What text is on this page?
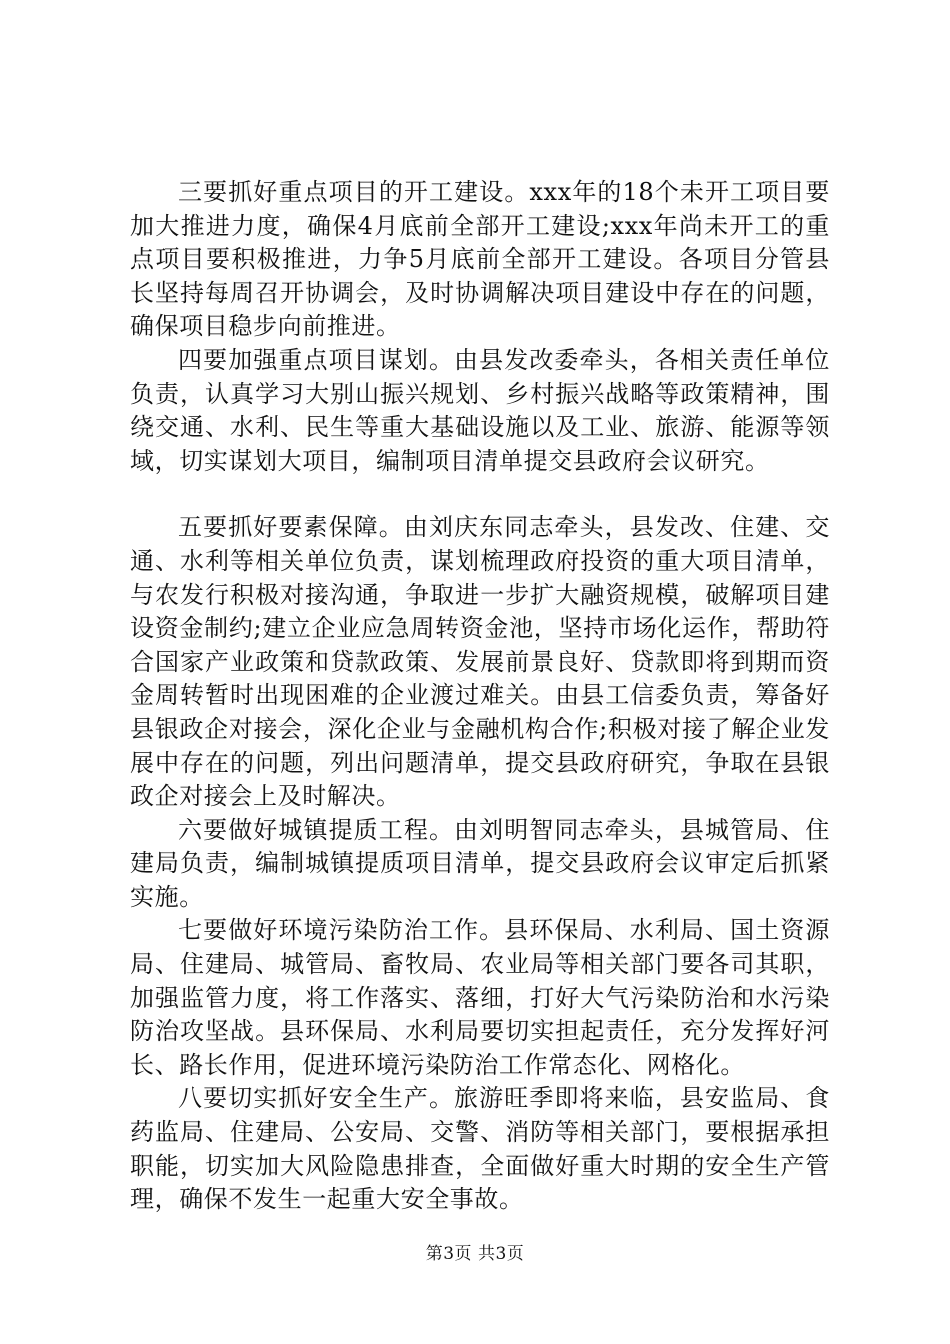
三要抓好重点项目的开工建设。xxx年的18个未开工项目要加大推进力度，确保4月底前全部开工建设;xxx年尚未开工的重点项目要积极推进，力争5月底前全部开工建设。各项目分管县长坚持每周召开协调会，及时协调解决项目建设中存在的问题，确保项目稳步向前推进。

四要加强重点项目谋划。由县发改委牵头，各相关责任单位负责，认真学习大别山振兴规划、乡村振兴战略等政策精神，围绕交通、水利、民生等重大基础设施以及工业、旅游、能源等领域，切实谋划大项目，编制项目清单提交县政府会议研究。

五要抓好要素保障。由刘庆东同志牵头，县发改、住建、交通、水利等相关单位负责，谋划梳理政府投资的重大项目清单，与农发行积极对接沟通，争取进一步扩大融资规模，破解项目建设资金制约;建立企业应急周转资金池，坚持市场化运作，帮助符合国家产业政策和贷款政策、发展前景良好、贷款即将到期而资金周转暂时出现困难的企业渡过难关。由县工信委负责，筹备好县银政企对接会，深化企业与金融机构合作;积极对接了解企业发展中存在的问题，列出问题清单，提交县政府研究，争取在县银政企对接会上及时解决。

六要做好城镇提质工程。由刘明智同志牵头，县城管局、住建局负责，编制城镇提质项目清单，提交县政府会议审定后抓紧实施。

七要做好环境污染防治工作。县环保局、水利局、国土资源局、住建局、城管局、畜牧局、农业局等相关部门要各司其职，加强监管力度，将工作落实、落细，打好大气污染防治和水污染防治攻坚战。县环保局、水利局要切实担起责任，充分发挥好河长、路长作用，促进环境污染防治工作常态化、网格化。

八要切实抓好安全生产。旅游旺季即将来临，县安监局、食药监局、住建局、公安局、交警、消防等相关部门，要根据承担职能，切实加大风险隐患排查，全面做好重大时期的安全生产管理，确保不发生一起重大安全事故。

第3页 共3页
